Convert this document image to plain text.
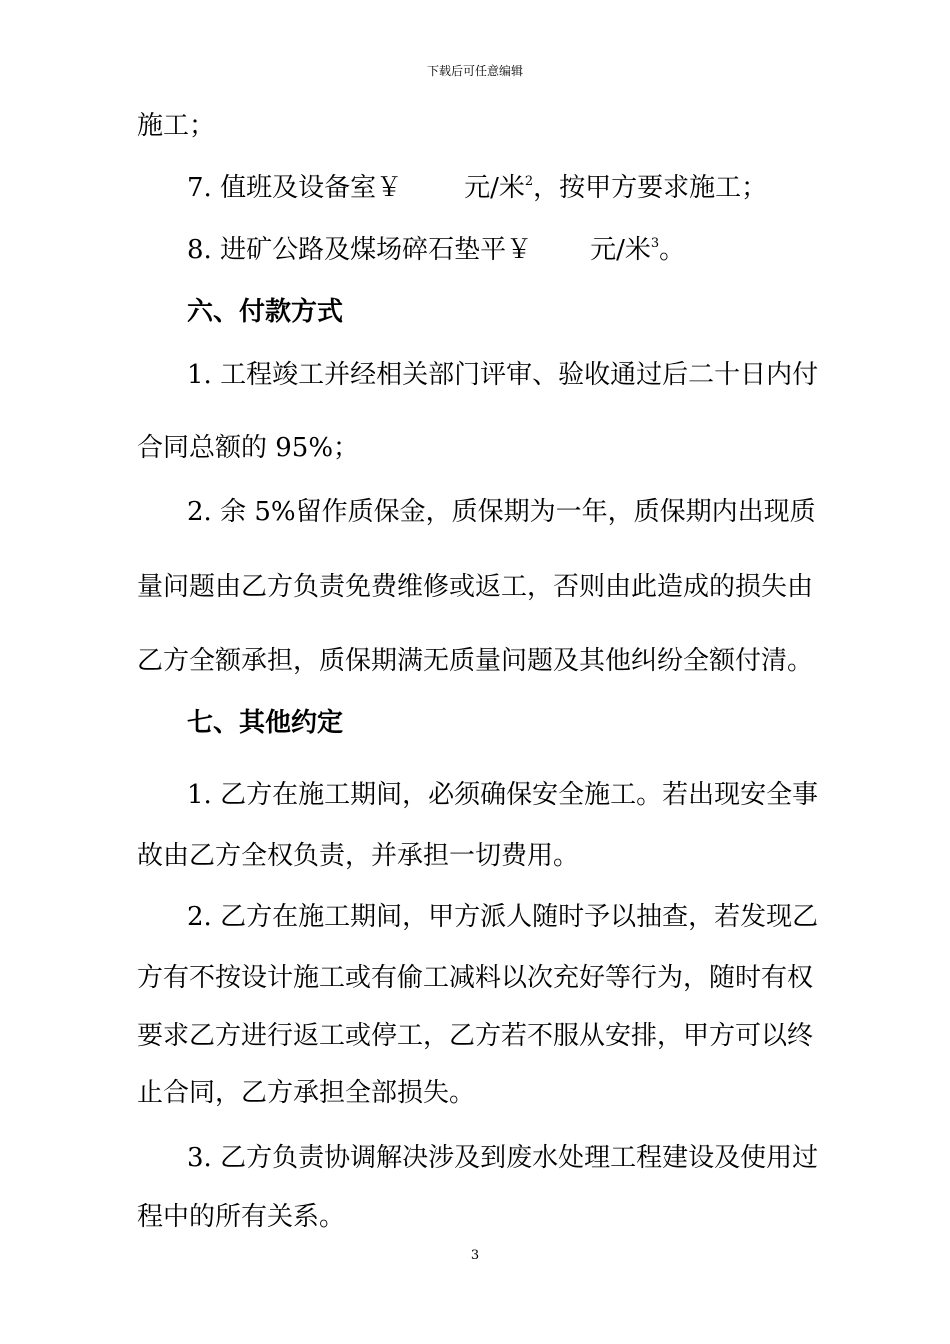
下载后可任意编辑
施工；
7. 值班及设备室￥ 元/米$^2$，按甲方要求施工；
8. 进矿公路及煤场碎石垫平￥ 元/米$^3$。
六、付款方式
1. 工程竣工并经相关部门评审、验收通过后二十日内付
合同总额的 95%；
2. 余 5%留作质保金，质保期为一年，质保期内出现质
量问题由乙方负责免费维修或返工，否则由此造成的损失由
乙方全额承担，质保期满无质量问题及其他纠纷全额付清。
七、其他约定
1. 乙方在施工期间，必须确保安全施工。若出现安全事
故由乙方全权负责，并承担一切费用。
2. 乙方在施工期间，甲方派人随时予以抽查，若发现乙
方有不按设计施工或有偷工减料以次充好等行为，随时有权
要求乙方进行返工或停工，乙方若不服从安排，甲方可以终
止合同，乙方承担全部损失。
3. 乙方负责协调解决涉及到废水处理工程建设及使用过
程中的所有关系。
3
